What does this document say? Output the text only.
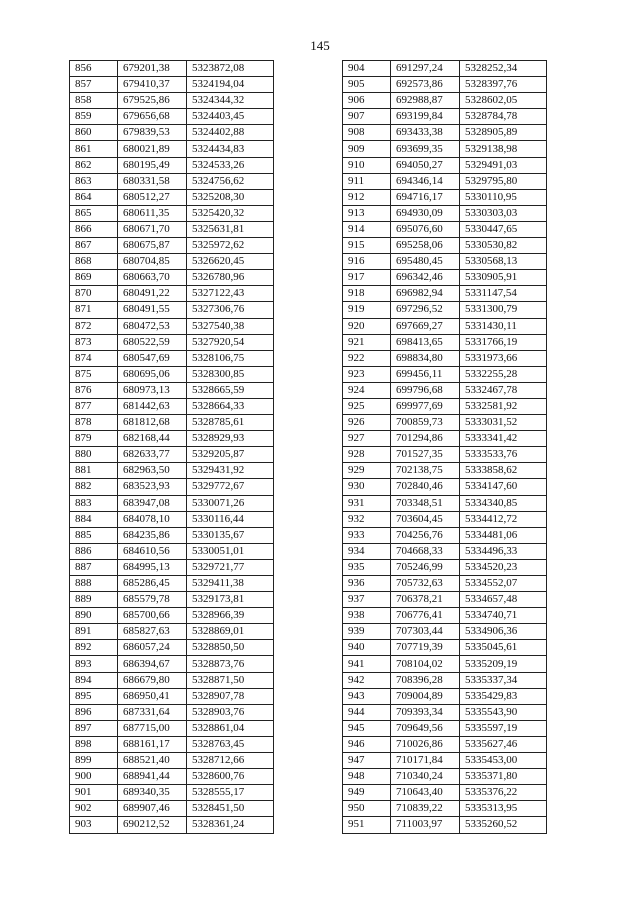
145
856	679201,38	5323872,08
857	679410,37	5324194,04
858	679525,86	5324344,32
859	679656,68	5324403,45
860	679839,53	5324402,88
861	680021,89	5324434,83
862	680195,49	5324533,26
863	680331,58	5324756,62
864	680512,27	5325208,30
865	680611,35	5325420,32
866	680671,70	5325631,81
867	680675,87	5325972,62
868	680704,85	5326620,45
869	680663,70	5326780,96
870	680491,22	5327122,43
871	680491,55	5327306,76
872	680472,53	5327540,38
873	680522,59	5327920,54
874	680547,69	5328106,75
875	680695,06	5328300,85
876	680973,13	5328665,59
877	681442,63	5328664,33
878	681812,68	5328785,61
879	682168,44	5328929,93
880	682633,77	5329205,87
881	682963,50	5329431,92
882	683523,93	5329772,67
883	683947,08	5330071,26
884	684078,10	5330116,44
885	684235,86	5330135,67
886	684610,56	5330051,01
887	684995,13	5329721,77
888	685286,45	5329411,38
889	685579,78	5329173,81
890	685700,66	5328966,39
891	685827,63	5328869,01
892	686057,24	5328850,50
893	686394,67	5328873,76
894	686679,80	5328871,50
895	686950,41	5328907,78
896	687331,64	5328903,76
897	687715,00	5328861,04
898	688161,17	5328763,45
899	688521,40	5328712,66
900	688941,44	5328600,76
901	689340,35	5328555,17
902	689907,46	5328451,50
903	690212,52	5328361,24
904	691297,24	5328252,34
905	692573,86	5328397,76
906	692988,87	5328602,05
907	693199,84	5328784,78
908	693433,38	5328905,89
909	693699,35	5329138,98
910	694050,27	5329491,03
911	694346,14	5329795,80
912	694716,17	5330110,95
913	694930,09	5330303,03
914	695076,60	5330447,65
915	695258,06	5330530,82
916	695480,45	5330568,13
917	696342,46	5330905,91
918	696982,94	5331147,54
919	697296,52	5331300,79
920	697669,27	5331430,11
921	698413,65	5331766,19
922	698834,80	5331973,66
923	699456,11	5332255,28
924	699796,68	5332467,78
925	699977,69	5332581,92
926	700859,73	5333031,52
927	701294,86	5333341,42
928	701527,35	5333533,76
929	702138,75	5333858,62
930	702840,46	5334147,60
931	703348,51	5334340,85
932	703604,45	5334412,72
933	704256,76	5334481,06
934	704668,33	5334496,33
935	705246,99	5334520,23
936	705732,63	5334552,07
937	706378,21	5334657,48
938	706776,41	5334740,71
939	707303,44	5334906,36
940	707719,39	5335045,61
941	708104,02	5335209,19
942	708396,28	5335337,34
943	709004,89	5335429,83
944	709393,34	5335543,90
945	709649,56	5335597,19
946	710026,86	5335627,46
947	710171,84	5335453,00
948	710340,24	5335371,80
949	710643,40	5335376,22
950	710839,22	5335313,95
951	711003,97	5335260,52
